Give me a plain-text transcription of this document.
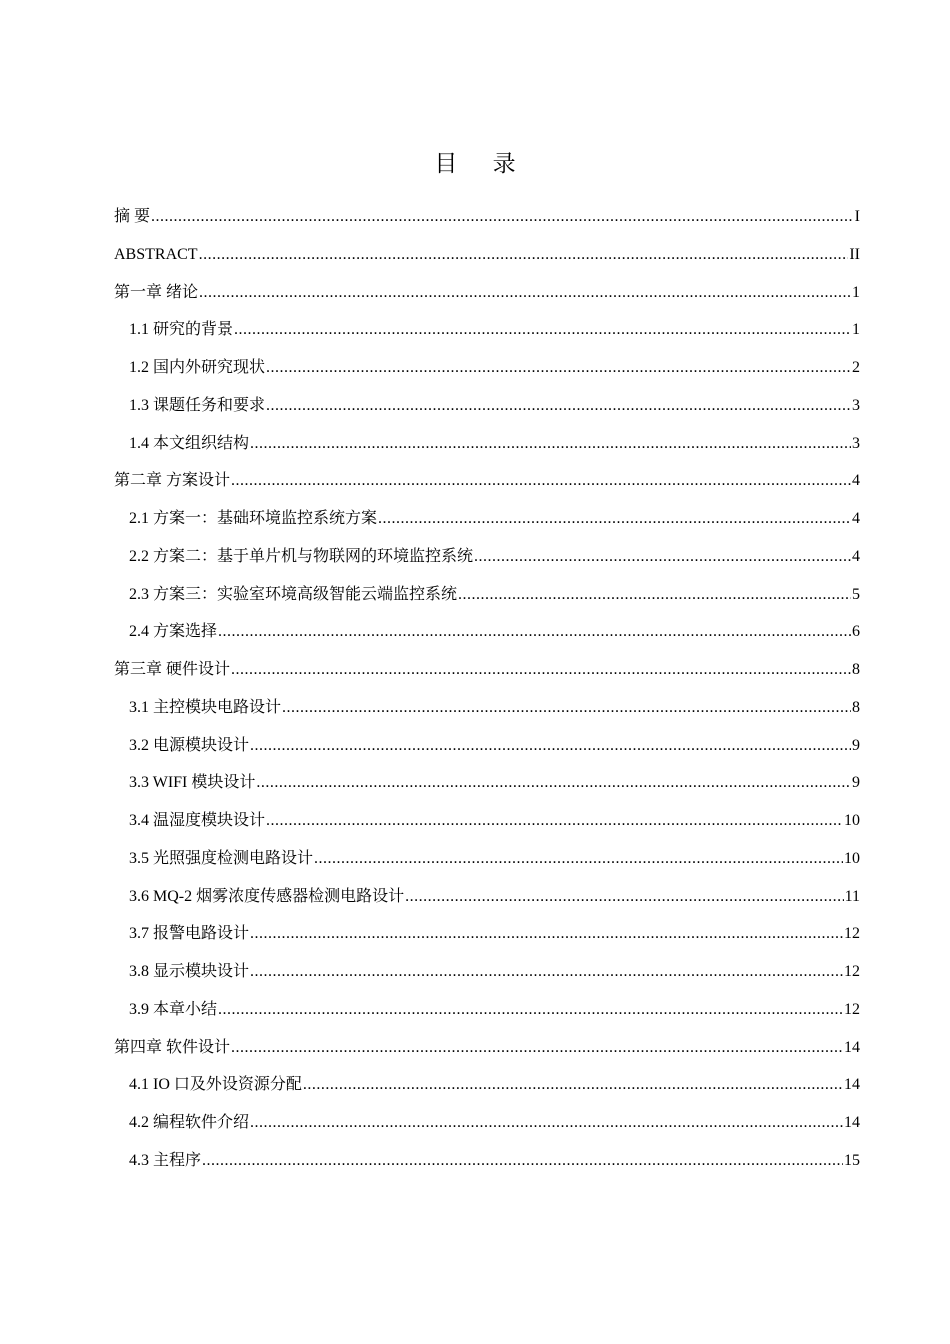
目 录
摘 要 .....	I
ABSTRACT .....	II
第一章 绪论 .....	1
1.1 研究的背景 .....	1
1.2 国内外研究现状 .....	2
1.3 课题任务和要求 .....	3
1.4 本文组织结构 .....	3
第二章 方案设计 .....	4
2.1 方案一：基础环境监控系统方案 .....	4
2.2 方案二：基于单片机与物联网的环境监控系统 .....	4
2.3 方案三：实验室环境高级智能云端监控系统 .....	5
2.4 方案选择 .....	6
第三章 硬件设计 .....	8
3.1 主控模块电路设计 .....	8
3.2 电源模块设计 .....	9
3.3 WIFI 模块设计 .....	9
3.4 温湿度模块设计 .....	10
3.5 光照强度检测电路设计 .....	10
3.6 MQ-2 烟雾浓度传感器检测电路设计 .....	11
3.7 报警电路设计 .....	12
3.8 显示模块设计 .....	12
3.9 本章小结 .....	12
第四章 软件设计 .....	14
4.1 IO 口及外设资源分配 .....	14
4.2 编程软件介绍 .....	14
4.3 主程序 .....	15
